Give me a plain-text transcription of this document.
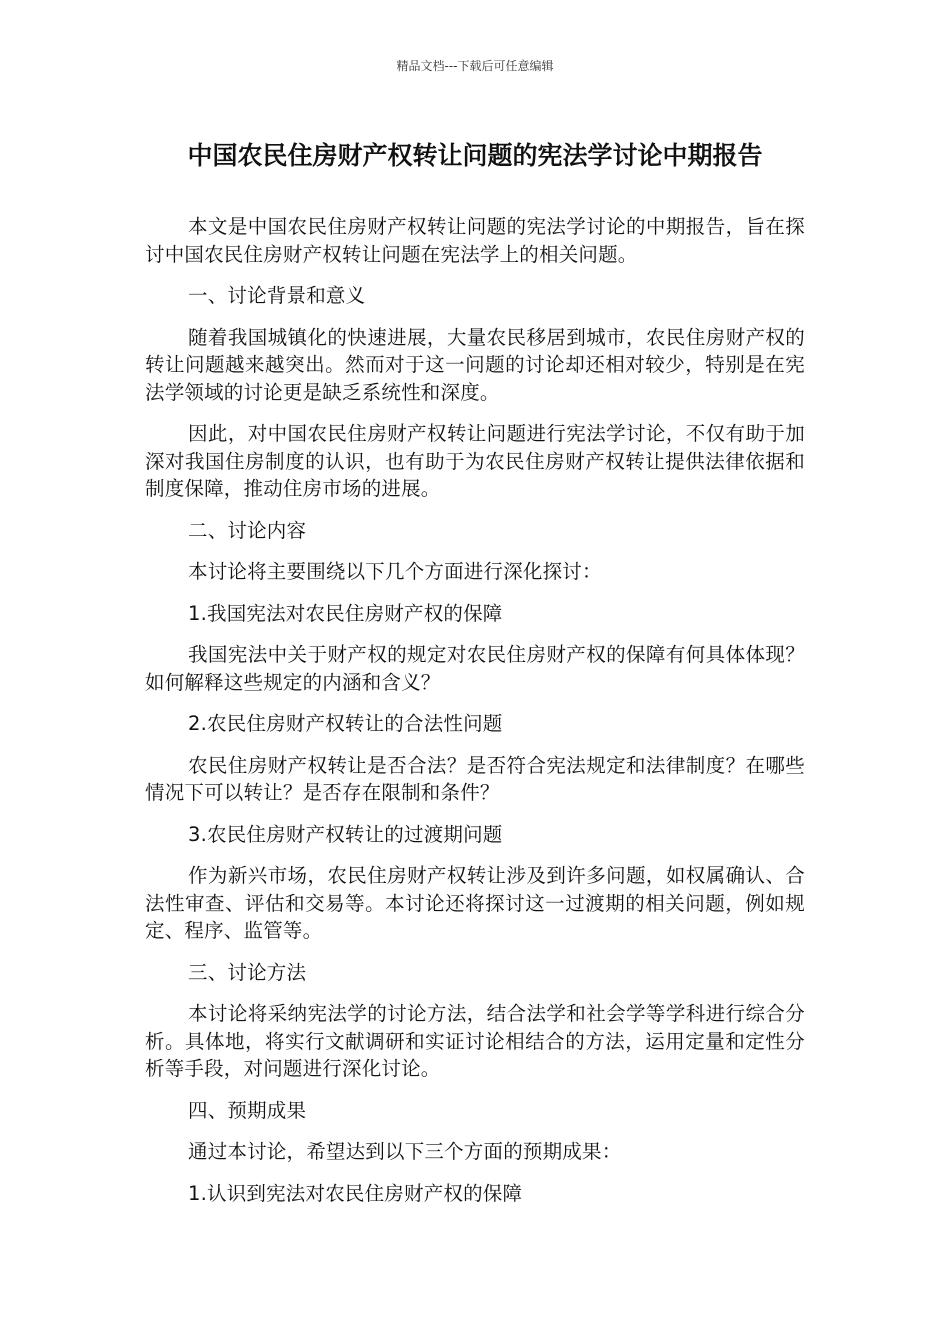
精品文档---下载后可任意编辑
中国农民住房财产权转让问题的宪法学讨论中期报告

本文是中国农民住房财产权转让问题的宪法学讨论的中期报告，旨在探讨中国农民住房财产权转让问题在宪法学上的相关问题。

一、讨论背景和意义

随着我国城镇化的快速进展，大量农民移居到城市，农民住房财产权的转让问题越来越突出。然而对于这一问题的讨论却还相对较少，特别是在宪法学领域的讨论更是缺乏系统性和深度。

因此，对中国农民住房财产权转让问题进行宪法学讨论，不仅有助于加深对我国住房制度的认识，也有助于为农民住房财产权转让提供法律依据和制度保障，推动住房市场的进展。

二、讨论内容

本讨论将主要围绕以下几个方面进行深化探讨：

1.我国宪法对农民住房财产权的保障

我国宪法中关于财产权的规定对农民住房财产权的保障有何具体体现？如何解释这些规定的内涵和含义？

2.农民住房财产权转让的合法性问题

农民住房财产权转让是否合法？是否符合宪法规定和法律制度？在哪些情况下可以转让？是否存在限制和条件？

3.农民住房财产权转让的过渡期问题

作为新兴市场，农民住房财产权转让涉及到许多问题，如权属确认、合法性审查、评估和交易等。本讨论还将探讨这一过渡期的相关问题，例如规定、程序、监管等。

三、讨论方法

本讨论将采纳宪法学的讨论方法，结合法学和社会学等学科进行综合分析。具体地，将实行文献调研和实证讨论相结合的方法，运用定量和定性分析等手段，对问题进行深化讨论。

四、预期成果

通过本讨论，希望达到以下三个方面的预期成果：

1.认识到宪法对农民住房财产权的保障
